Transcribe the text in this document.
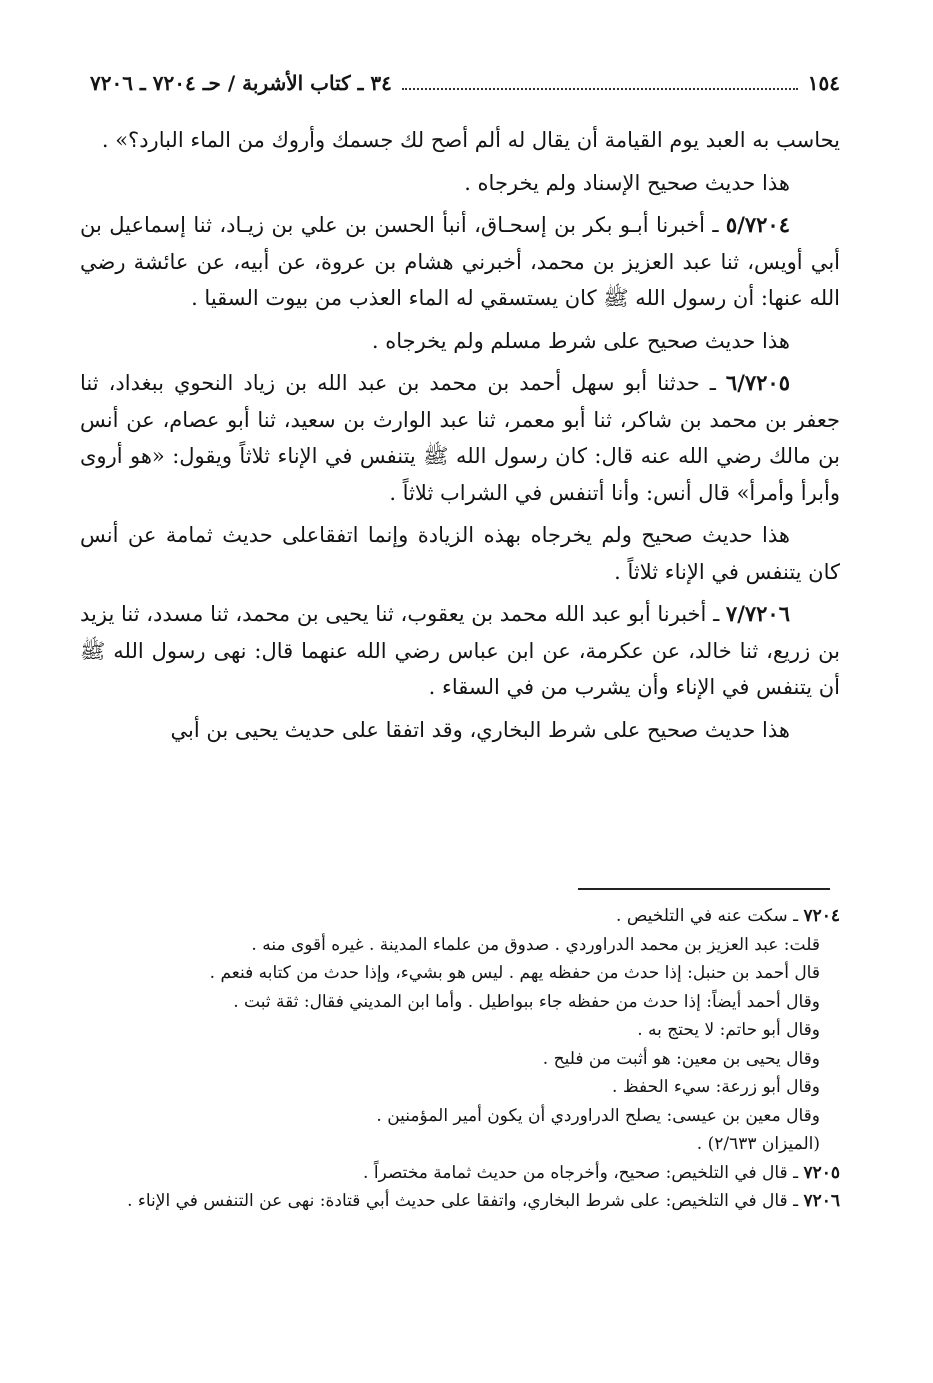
١٥٤
٣٤ ـ كتاب الأشربة / حـ ٧٢٠٤ ـ ٧٢٠٦

يحاسب به العبد يوم القيامة أن يقال له ألم أصح لك جسمك وأروك من الماء البارد؟» .

هذا حديث صحيح الإسناد ولم يخرجاه .

٥/٧٢٠٤ ـ أخبرنا أبـو بكر بن إسحـاق، أنبأ الحسن بن علي بن زيـاد، ثنا إسماعيل بن أبي أويس، ثنا عبد العزيز بن محمد، أخبرني هشام بن عروة، عن أبيه، عن عائشة رضي الله عنها: أن رسول الله ﷺ كان يستسقي له الماء العذب من بيوت السقيا .

هذا حديث صحيح على شرط مسلم ولم يخرجاه .

٦/٧٢٠٥ ـ حدثنا أبو سهل أحمد بن محمد بن عبد الله بن زياد النحوي ببغداد، ثنا جعفر بن محمد بن شاكر، ثنا أبو معمر، ثنا عبد الوارث بن سعيد، ثنا أبو عصام، عن أنس بن مالك رضي الله عنه قال: كان رسول الله ﷺ يتنفس في الإناء ثلاثاً ويقول: «هو أروى وأبرأ وأمرأ» قال أنس: وأنا أتنفس في الشراب ثلاثاً .

هذا حديث صحيح ولم يخرجاه بهذه الزيادة وإنما اتفقاعلى حديث ثمامة عن أنس كان يتنفس في الإناء ثلاثاً .

٧/٧٢٠٦ ـ أخبرنا أبو عبد الله محمد بن يعقوب، ثنا يحيى بن محمد، ثنا مسدد، ثنا يزيد بن زريع، ثنا خالد، عن عكرمة، عن ابن عباس رضي الله عنهما قال: نهى رسول الله ﷺ أن يتنفس في الإناء وأن يشرب من في السقاء .

هذا حديث صحيح على شرط البخاري، وقد اتفقا على حديث يحيى بن أبي

٧٢٠٤ ـ سكت عنه في التلخيص .

قلت: عبد العزيز بن محمد الدراوردي . صدوق من علماء المدينة . غيره أقوى منه .

قال أحمد بن حنبل: إذا حدث من حفظه يهم . ليس هو بشيء، وإذا حدث من كتابه فنعم .

وقال أحمد أيضاً: إذا حدث من حفظه جاء ببواطيل . وأما ابن المديني فقال: ثقة ثبت .

وقال أبو حاتم: لا يحتج به .

وقال يحيى بن معين: هو أثبت من فليح .

وقال أبو زرعة: سيء الحفظ .

وقال معين بن عيسى: يصلح الدراوردي أن يكون أمير المؤمنين .

(الميزان ٢/٦٣٣) .

٧٢٠٥ ـ قال في التلخيص: صحيح، وأخرجاه من حديث ثمامة مختصراً .

٧٢٠٦ ـ قال في التلخيص: على شرط البخاري، واتفقا على حديث أبي قتادة: نهى عن التنفس في الإناء .
